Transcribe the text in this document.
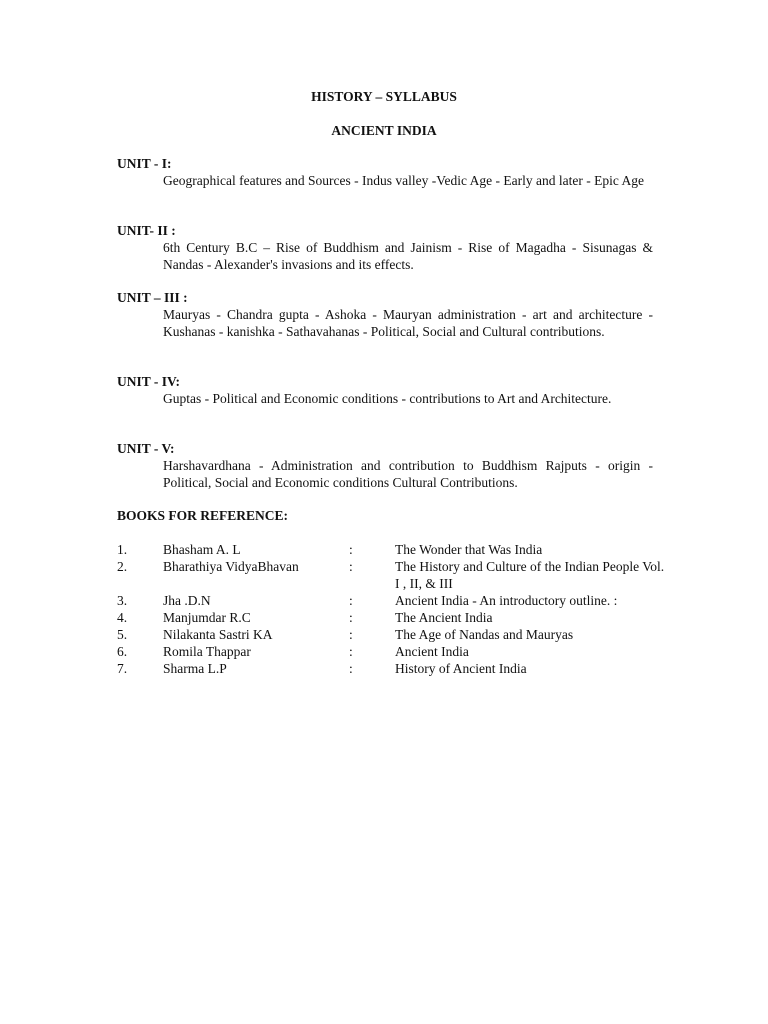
HISTORY – SYLLABUS
ANCIENT INDIA
UNIT - I:
Geographical features and Sources - Indus valley -Vedic Age - Early and later - Epic Age
UNIT- II :
6th Century B.C – Rise of Buddhism and Jainism - Rise of Magadha - Sisunagas & Nandas - Alexander's invasions and its effects.
UNIT – III :
Mauryas - Chandra gupta - Ashoka - Mauryan administration - art and architecture - Kushanas - kanishka - Sathavahanas - Political, Social and Cultural contributions.
UNIT - IV:
Guptas - Political and Economic conditions - contributions to Art and Architecture.
UNIT - V:
Harshavardhana - Administration and contribution to Buddhism Rajputs - origin - Political, Social and Economic conditions Cultural Contributions.
BOOKS FOR REFERENCE:
1.	Bhasham A. L	:	The Wonder that Was India
2.	Bharathiya VidyaBhavan	:	The History and Culture of the Indian People Vol. I , II, & III
3.	Jha .D.N	:	Ancient India - An introductory outline. :
4.	Manjumdar R.C	:	The Ancient India
5.	Nilakanta Sastri KA	:	The Age of Nandas and Mauryas
6.	Romila Thappar	:	Ancient India
7.	Sharma L.P	:	History of Ancient India
